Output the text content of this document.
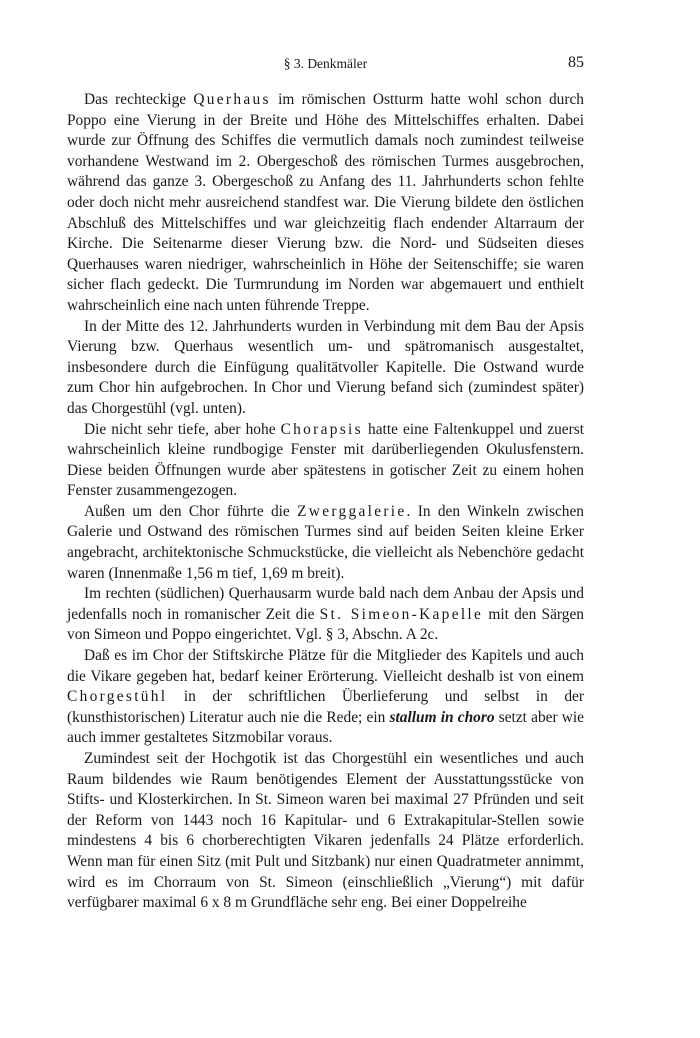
§ 3. Denkmäler	85

Das rechteckige Querhaus im römischen Ostturm hatte wohl schon durch Poppo eine Vierung in der Breite und Höhe des Mittelschiffes erhalten. Dabei wurde zur Öffnung des Schiffes die vermutlich damals noch zumindest teilweise vorhandene Westwand im 2. Obergeschoß des römischen Turmes ausgebrochen, während das ganze 3. Obergeschoß zu Anfang des 11. Jahrhunderts schon fehlte oder doch nicht mehr ausreichend standfest war. Die Vierung bildete den östlichen Abschluß des Mittelschiffes und war gleichzeitig flach endender Altarraum der Kirche. Die Seitenarme dieser Vierung bzw. die Nord- und Südseiten dieses Querhauses waren niedriger, wahrscheinlich in Höhe der Seitenschiffe; sie waren sicher flach gedeckt. Die Turmrundung im Norden war abgemauert und enthielt wahrscheinlich eine nach unten führende Treppe.

In der Mitte des 12. Jahrhunderts wurden in Verbindung mit dem Bau der Apsis Vierung bzw. Querhaus wesentlich um- und spätromanisch ausgestaltet, insbesondere durch die Einfügung qualitätvoller Kapitelle. Die Ostwand wurde zum Chor hin aufgebrochen. In Chor und Vierung befand sich (zumindest später) das Chorgestühl (vgl. unten).

Die nicht sehr tiefe, aber hohe Chorapsis hatte eine Faltenkuppel und zuerst wahrscheinlich kleine rundbogige Fenster mit darüberliegenden Okulusfenstern. Diese beiden Öffnungen wurde aber spätestens in gotischer Zeit zu einem hohen Fenster zusammengezogen.

Außen um den Chor führte die Zwerggalerie. In den Winkeln zwischen Galerie und Ostwand des römischen Turmes sind auf beiden Seiten kleine Erker angebracht, architektonische Schmuckstücke, die vielleicht als Nebenchöre gedacht waren (Innenmaße 1,56 m tief, 1,69 m breit).

Im rechten (südlichen) Querhausarm wurde bald nach dem Anbau der Apsis und jedenfalls noch in romanischer Zeit die St. Simeon-Kapelle mit den Särgen von Simeon und Poppo eingerichtet. Vgl. § 3, Abschn. A 2c.

Daß es im Chor der Stiftskirche Plätze für die Mitglieder des Kapitels und auch die Vikare gegeben hat, bedarf keiner Erörterung. Vielleicht deshalb ist von einem Chorgestühl in der schriftlichen Überlieferung und selbst in der (kunsthistorischen) Literatur auch nie die Rede; ein stallum in choro setzt aber wie auch immer gestaltetes Sitzmobilar voraus.

Zumindest seit der Hochgotik ist das Chorgestühl ein wesentliches und auch Raum bildendes wie Raum benötigendes Element der Ausstattungsstücke von Stifts- und Klosterkirchen. In St. Simeon waren bei maximal 27 Pfründen und seit der Reform von 1443 noch 16 Kapitular- und 6 Extrakapitular-Stellen sowie mindestens 4 bis 6 chorberechtigten Vikaren jedenfalls 24 Plätze erforderlich. Wenn man für einen Sitz (mit Pult und Sitzbank) nur einen Quadratmeter annimmt, wird es im Chorraum von St. Simeon (einschließlich „Vierung“) mit dafür verfügbarer maximal 6 x 8 m Grundfläche sehr eng. Bei einer Doppelreihe
